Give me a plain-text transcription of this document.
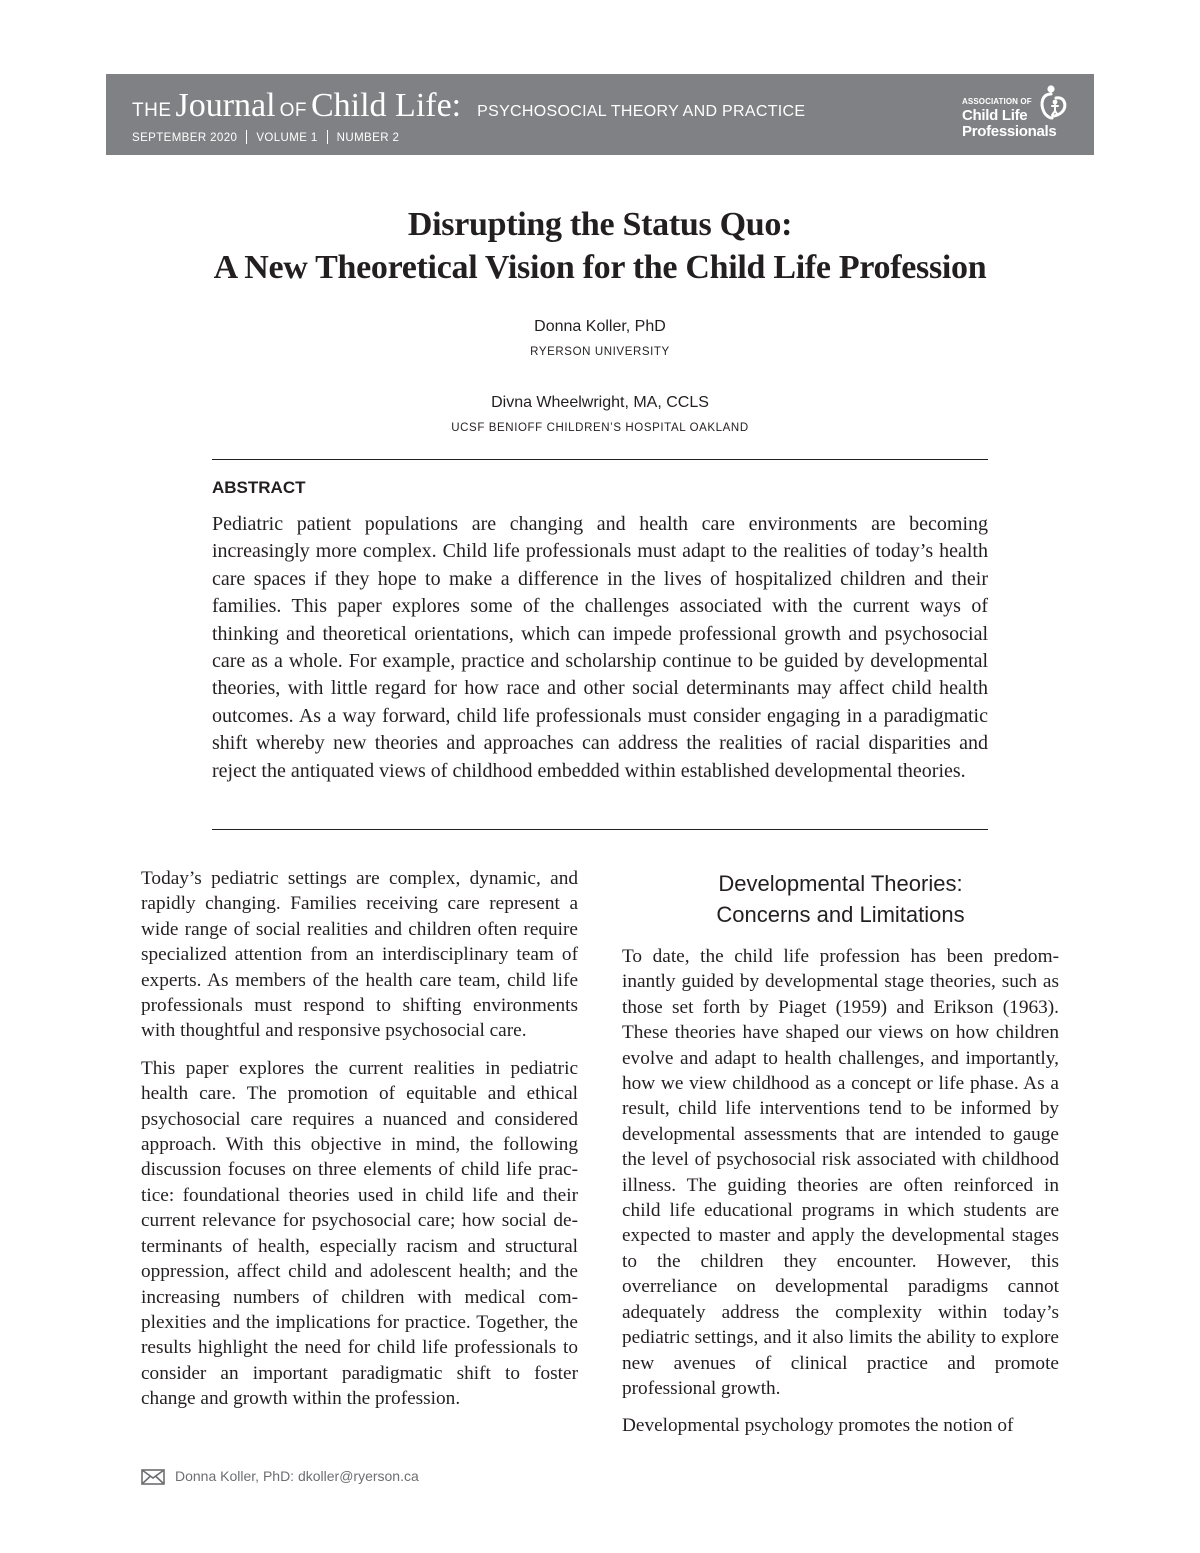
THE Journal OF Child Life: PSYCHOSOCIAL THEORY AND PRACTICE
SEPTEMBER 2020 VOLUME 1 NUMBER 2
ASSOCIATION OF
Child Life
Professionals
Disrupting the Status Quo:
A New Theoretical Vision for the Child Life Profession
Donna Koller, PhD
RYERSON UNIVERSITY
Divna Wheelwright, MA, CCLS
UCSF BENIOFF CHILDREN’S HOSPITAL OAKLAND
ABSTRACT
Pediatric patient populations are changing and health care environments are becoming increasingly more complex. Child life professionals must adapt to the realities of today’s health care spaces if they hope to make a difference in the lives of hospitalized children and their families. This paper explores some of the challenges associated with the current ways of thinking and theoretical orientations, which can impede professional growth and psychosocial care as a whole. For example, practice and scholarship continue to be guided by developmental theories, with little regard for how race and other social determinants may affect child health outcomes. As a way forward, child life professionals must consider engaging in a paradigmatic shift whereby new theories and approaches can address the realities of racial disparities and reject the antiquated views of childhood embedded within established developmental theories.

Today’s pediatric settings are complex, dynamic, and rapidly changing. Families receiving care represent a wide range of social realities and children often require specialized attention from an interdisciplinary team of experts. As members of the health care team, child life professionals must respond to shifting environments with thoughtful and responsive psychosocial care.

This paper explores the current realities in pediatric health care. The promotion of equitable and ethical psychosocial care requires a nuanced and considered approach. With this objective in mind, the following discussion focuses on three elements of child life practice: foundational theories used in child life and their current relevance for psychosocial care; how social determinants of health, especially racism and structural oppression, affect child and adolescent health; and the increasing numbers of children with medical complexities and the implications for practice. Together, the results highlight the need for child life professionals to consider an important paradigmatic shift to foster change and growth within the profession.

Developmental Theories:
Concerns and Limitations

To date, the child life profession has been predominantly guided by developmental stage theories, such as those set forth by Piaget (1959) and Erikson (1963). These theories have shaped our views on how children evolve and adapt to health challenges, and importantly, how we view childhood as a concept or life phase. As a result, child life interventions tend to be informed by developmental assessments that are intended to gauge the level of psychosocial risk associated with childhood illness. The guiding theories are often reinforced in child life educational programs in which students are expected to master and apply the developmental stages to the children they encounter. However, this overreliance on developmental paradigms cannot adequately address the complexity within today’s pediatric settings, and it also limits the ability to explore new avenues of clinical practice and promote professional growth.

Developmental psychology promotes the notion of

Donna Koller, PhD: dkoller@ryerson.ca
